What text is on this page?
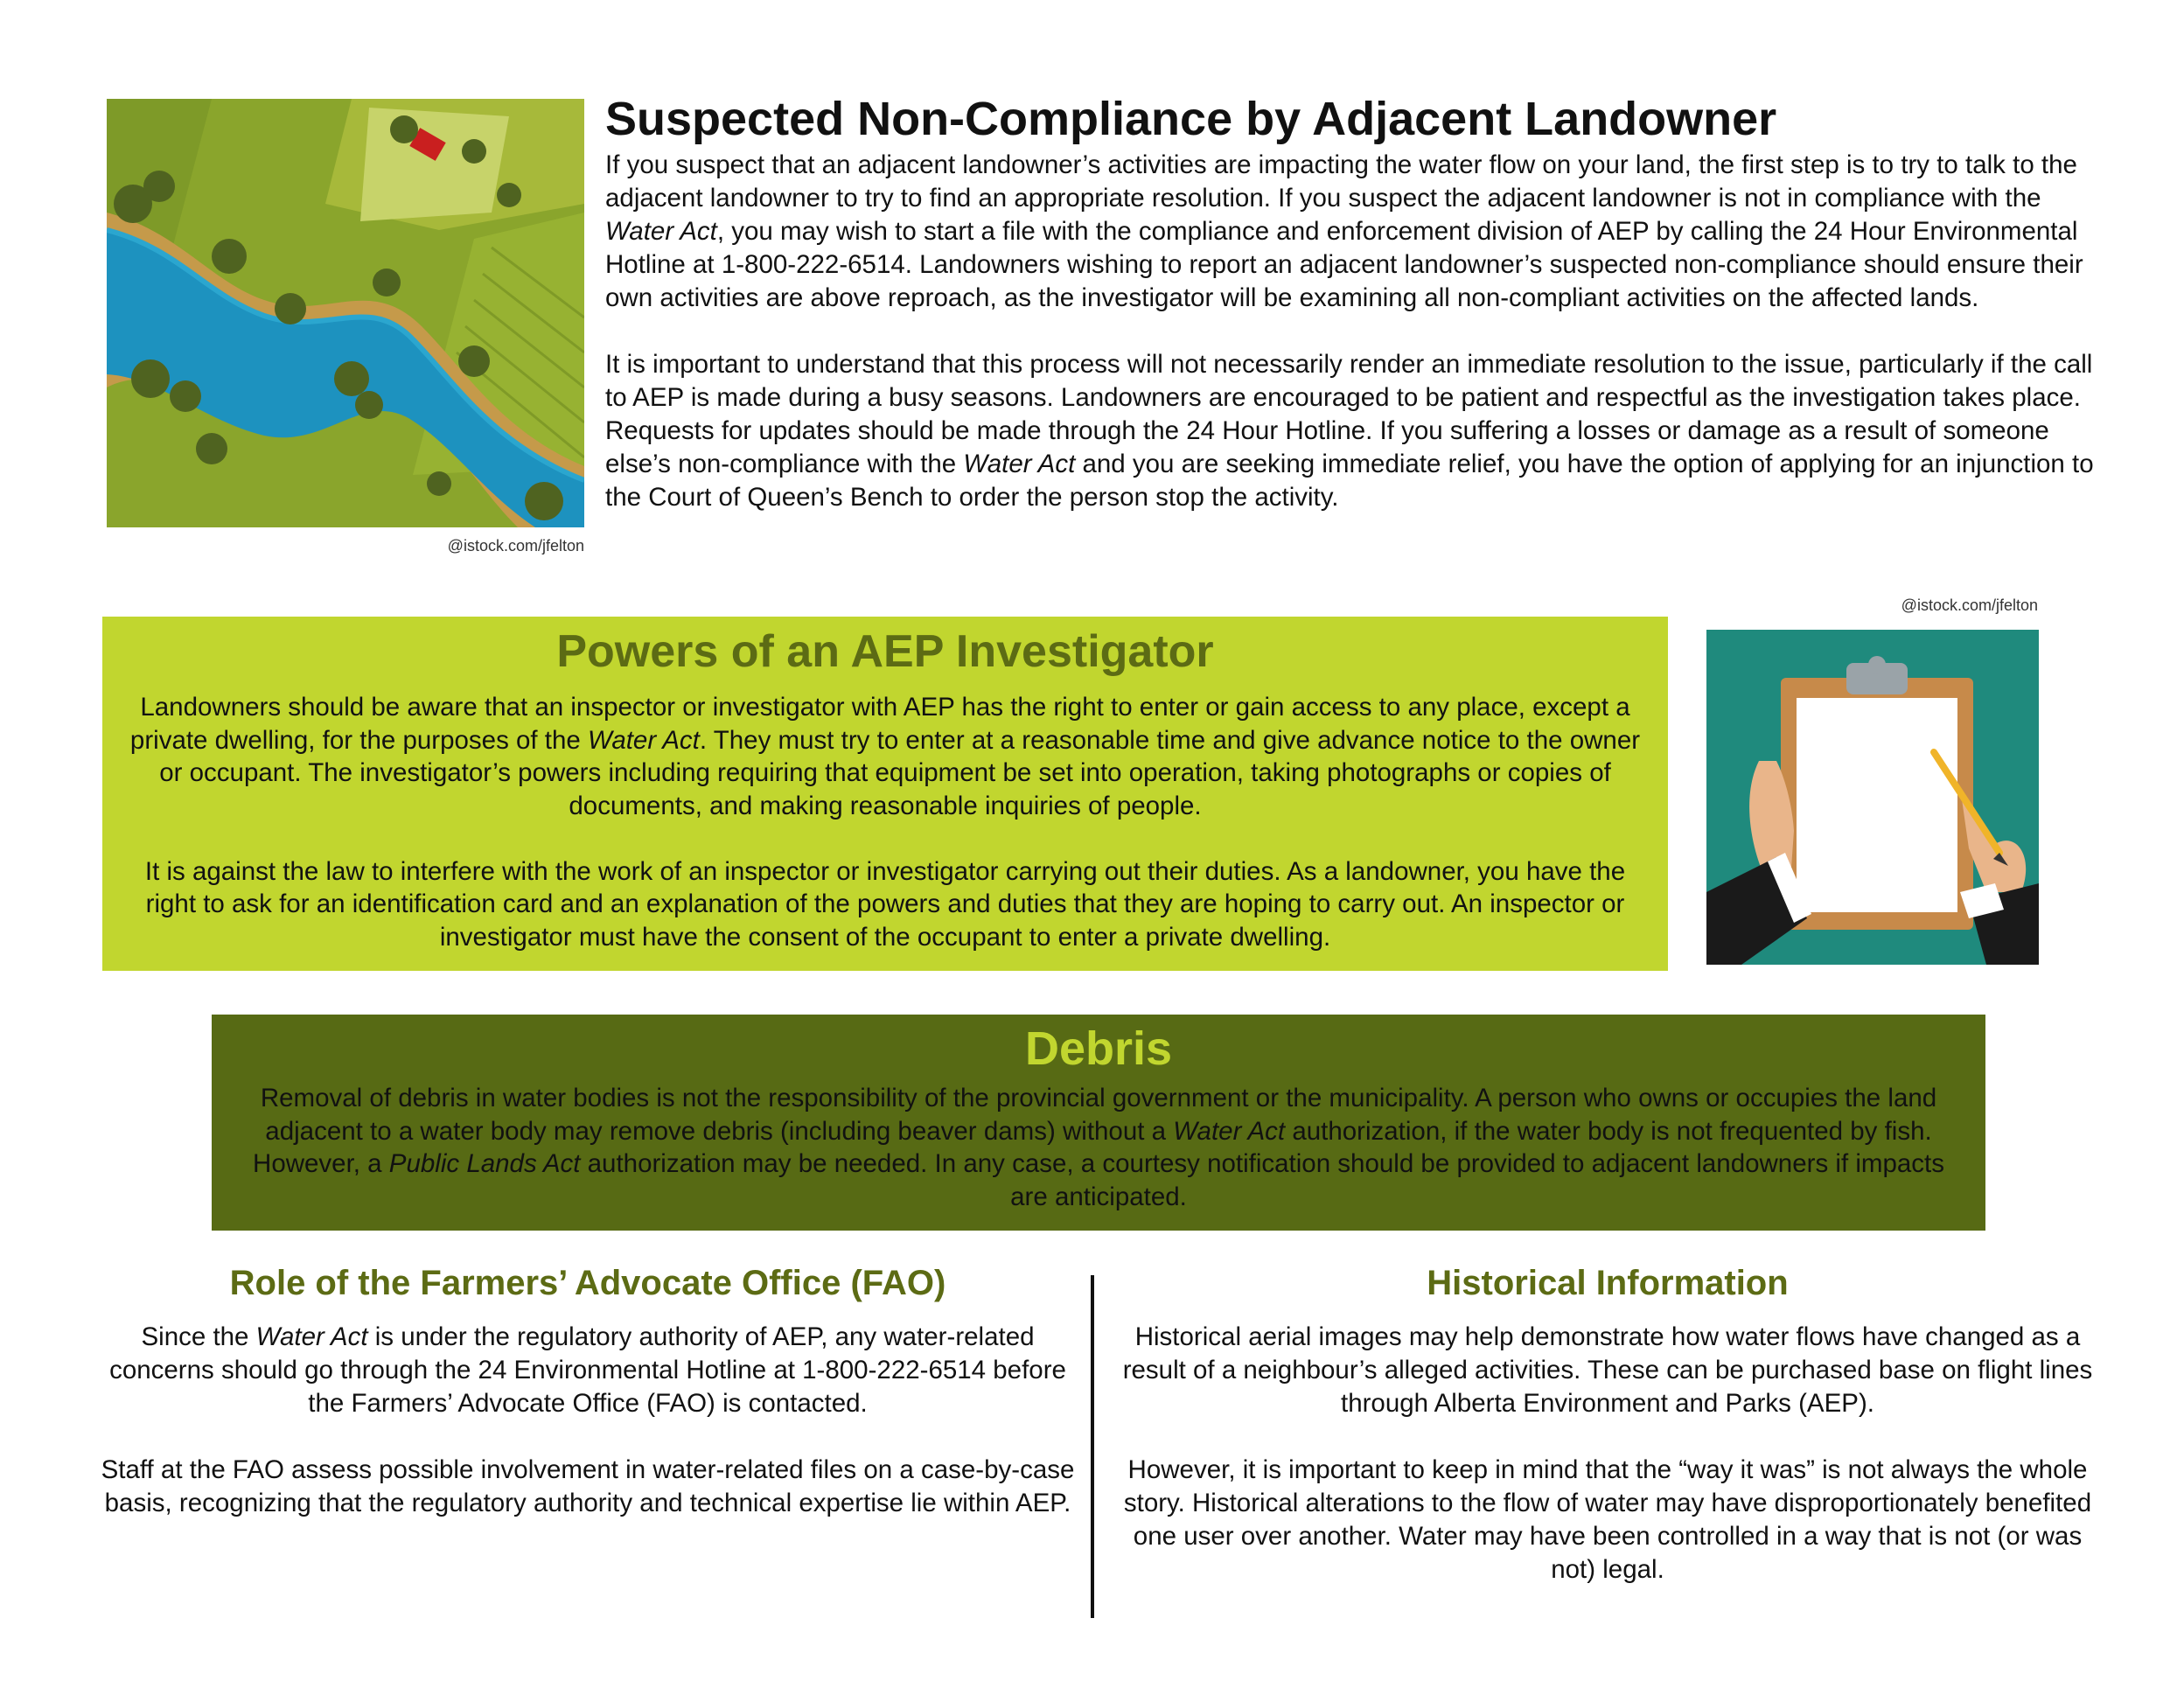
@istock.com/jfelton
Suspected Non-Compliance by Adjacent Landowner

If you suspect that an adjacent landowner’s activities are impacting the water flow on your land, the first step is to try to talk to the adjacent landowner to try to find an appropriate resolution. If you suspect the adjacent landowner is not in compliance with the Water Act, you may wish to start a file with the compliance and enforcement division of AEP by calling the 24 Hour Environmental Hotline at 1-800-222-6514. Landowners wishing to report an adjacent landowner’s suspected non-compliance should ensure their own activities are above reproach, as the investigator will be examining all non-compliant activities on the affected lands.

It is important to understand that this process will not necessarily render an immediate resolution to the issue, particularly if the call to AEP is made during a busy seasons. Landowners are encouraged to be patient and respectful as the investigation takes place. Requests for updates should be made through the 24 Hour Hotline. If you suffering a losses or damage as a result of someone else’s non-compliance with the Water Act and you are seeking immediate relief, you have the option of applying for an injunction to the Court of Queen’s Bench to order the person stop the activity.

@istock.com/jfelton
Powers of an AEP Investigator

Landowners should be aware that an inspector or investigator with AEP has the right to enter or gain access to any place, except a private dwelling, for the purposes of the Water Act. They must try to enter at a reasonable time and give advance notice to the owner or occupant. The investigator’s powers including requiring that equipment be set into operation, taking photographs or copies of documents, and making reasonable inquiries of people.

It is against the law to interfere with the work of an inspector or investigator carrying out their duties. As a landowner, you have the right to ask for an identification card and an explanation of the powers and duties that they are hoping to carry out. An inspector or investigator must have the consent of the occupant to enter a private dwelling.

Debris

Removal of debris in water bodies is not the responsibility of the provincial government or the municipality. A person who owns or occupies the land adjacent to a water body may remove debris (including beaver dams) without a Water Act authorization, if the water body is not frequented by fish. However, a Public Lands Act authorization may be needed. In any case, a courtesy notification should be provided to adjacent landowners if impacts are anticipated.

Role of the Farmers’ Advocate Office (FAO)

Since the Water Act is under the regulatory authority of AEP, any water-related concerns should go through the 24 Environmental Hotline at 1-800-222-6514 before the Farmers’ Advocate Office (FAO) is contacted.

Staff at the FAO assess possible involvement in water-related files on a case-by-case basis, recognizing that the regulatory authority and technical expertise lie within AEP.

Historical Information

Historical aerial images may help demonstrate how water flows have changed as a result of a neighbour’s alleged activities. These can be purchased base on flight lines through Alberta Environment and Parks (AEP).

However, it is important to keep in mind that the “way it was” is not always the whole story. Historical alterations to the flow of water may have disproportionately benefited one user over another. Water may have been controlled in a way that is not (or was not) legal.
